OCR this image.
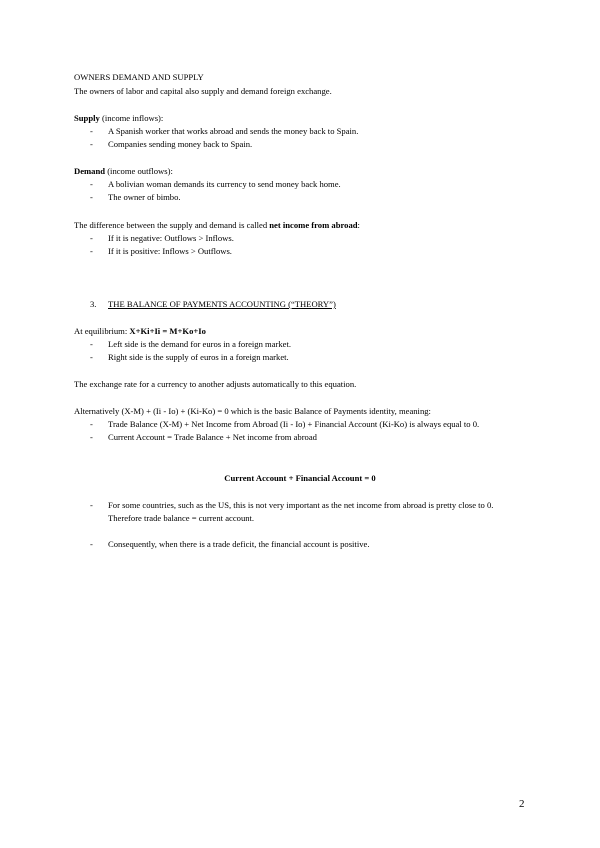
OWNERS DEMAND AND SUPPLY
The owners of labor and capital also supply and demand foreign exchange.
Supply (income inflows):
- A Spanish worker that works abroad and sends the money back to Spain.
- Companies sending money back to Spain.
Demand (income outflows):
- A bolivian woman demands its currency to send money back home.
- The owner of bimbo.
The difference between the supply and demand is called net income from abroad:
- If it is negative: Outflows > Inflows.
- If it is positive: Inflows > Outflows.
3. THE BALANCE OF PAYMENTS ACCOUNTING (“THEORY”)
At equilibrium: X+Ki+Ii = M+Ko+Io
- Left side is the demand for euros in a foreign market.
- Right side is the supply of euros in a foreign market.
The exchange rate for a currency to another adjusts automatically to this equation.
Alternatively (X-M) + (Ii - Io) + (Ki-Ko) = 0 which is the basic Balance of Payments identity, meaning:
- Trade Balance (X-M) + Net Income from Abroad (Ii - Io) + Financial Account (Ki-Ko) is always equal to 0.
- Current Account = Trade Balance + Net income from abroad
Current Account + Financial Account = 0
- For some countries, such as the US, this is not very important as the net income from abroad is pretty close to 0. Therefore trade balance = current account.
- Consequently, when there is a trade deficit, the financial account is positive.
2
